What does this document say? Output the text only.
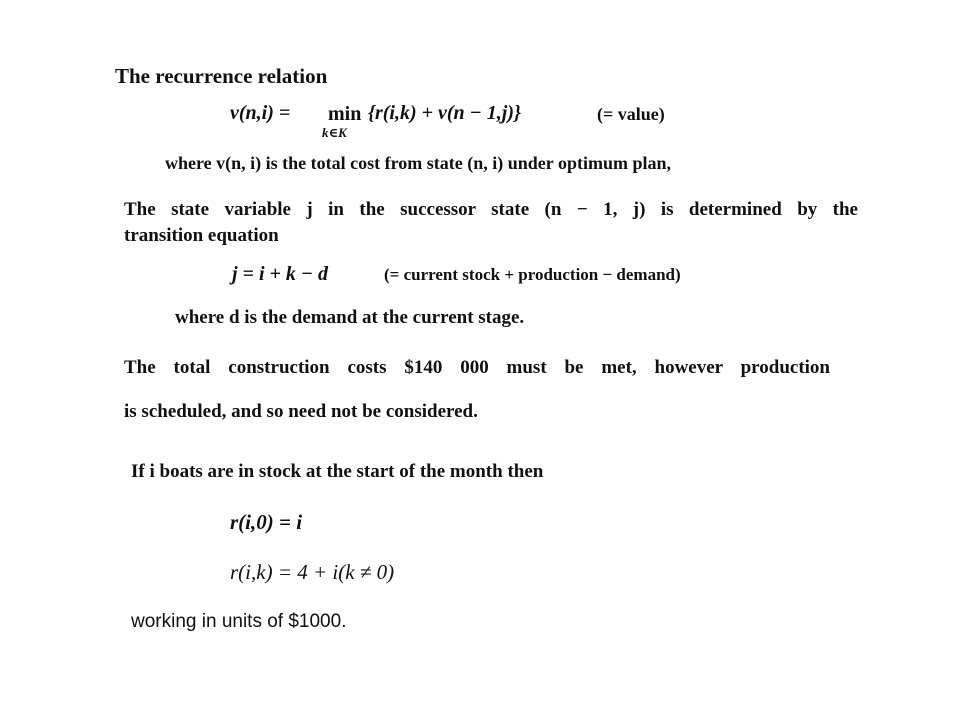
The recurrence relation
v(n,i) = min
k∈K
{r(i,k) + v(n − 1,j)}	(= value)
where v(n, i) is the total cost from state (n, i) under optimum plan,
The state variable j in the successor state (n − 1, j) is determined by the
transition equation
j = i + k − d	(= current stock + production − demand)
where d is the demand at the current stage.
The total construction costs $140 000 must be met, however production
is scheduled, and so need not be considered.
If i boats are in stock at the start of the month then
r(i,0) = i
r(i,k) = 4 + i(k ≠ 0)
working in units of $1000.
